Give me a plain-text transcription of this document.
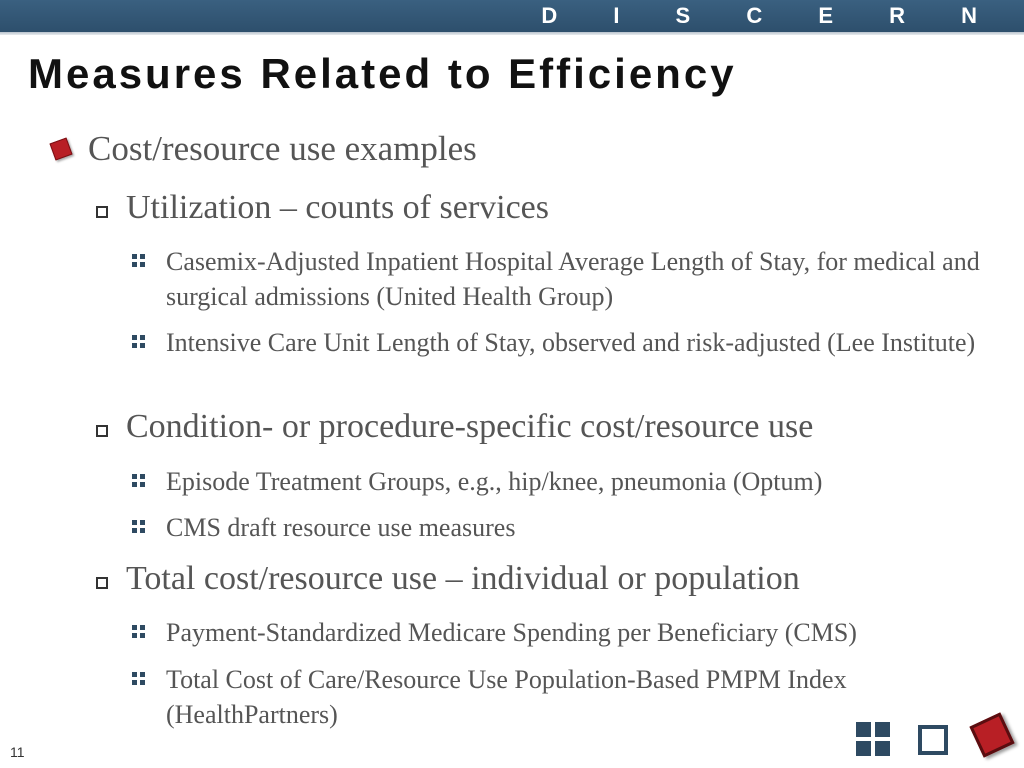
D I S C E R N
Measures Related to Efficiency
Cost/resource use examples
Utilization – counts of services
Casemix-Adjusted Inpatient Hospital Average Length of Stay, for medical and surgical admissions (United Health Group)
Intensive Care Unit Length of Stay, observed and risk-adjusted (Lee Institute)
Condition- or procedure-specific cost/resource use
Episode Treatment Groups, e.g., hip/knee, pneumonia (Optum)
CMS draft resource use measures
Total cost/resource use – individual or population
Payment-Standardized Medicare Spending per Beneficiary (CMS)
Total Cost of Care/Resource Use Population-Based PMPM Index (HealthPartners)
11
